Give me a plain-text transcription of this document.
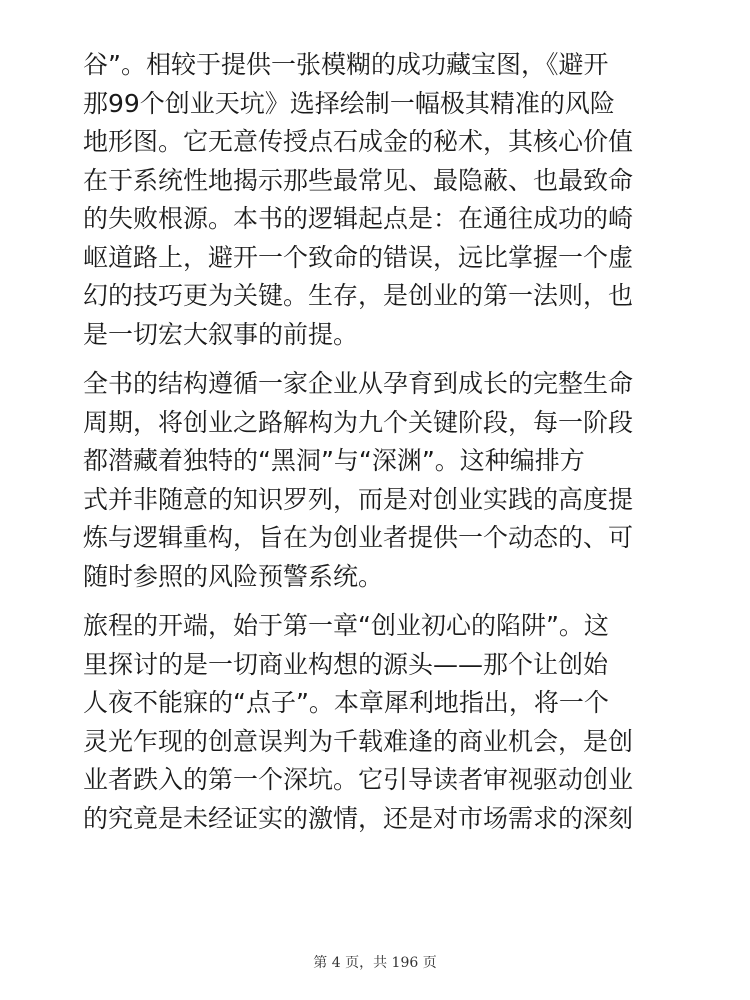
谷”。相较于提供一张模糊的成功藏宝图，《避开
那99个创业天坑》选择绘制一幅极其精准的风险
地形图。它无意传授点石成金的秘术，其核心价值
在于系统性地揭示那些最常见、最隐蔽、也最致命
的失败根源。本书的逻辑起点是：在通往成功的崎
岖道路上，避开一个致命的错误，远比掌握一个虚
幻的技巧更为关键。生存，是创业的第一法则，也
是一切宏大叙事的前提。

全书的结构遵循一家企业从孕育到成长的完整生命
周期，将创业之路解构为九个关键阶段，每一阶段
都潜藏着独特的“黑洞”与“深渊”。这种编排方
式并非随意的知识罗列，而是对创业实践的高度提
炼与逻辑重构，旨在为创业者提供一个动态的、可
随时参照的风险预警系统。

旅程的开端，始于第一章“创业初心的陷阱”。这
里探讨的是一切商业构想的源头——那个让创始
人夜不能寐的“点子”。本章犀利地指出，将一个
灵光乍现的创意误判为千载难逢的商业机会，是创
业者跌入的第一个深坑。它引导读者审视驱动创业
的究竟是未经证实的激情，还是对市场需求的深刻

第 4 页，共 196 页
